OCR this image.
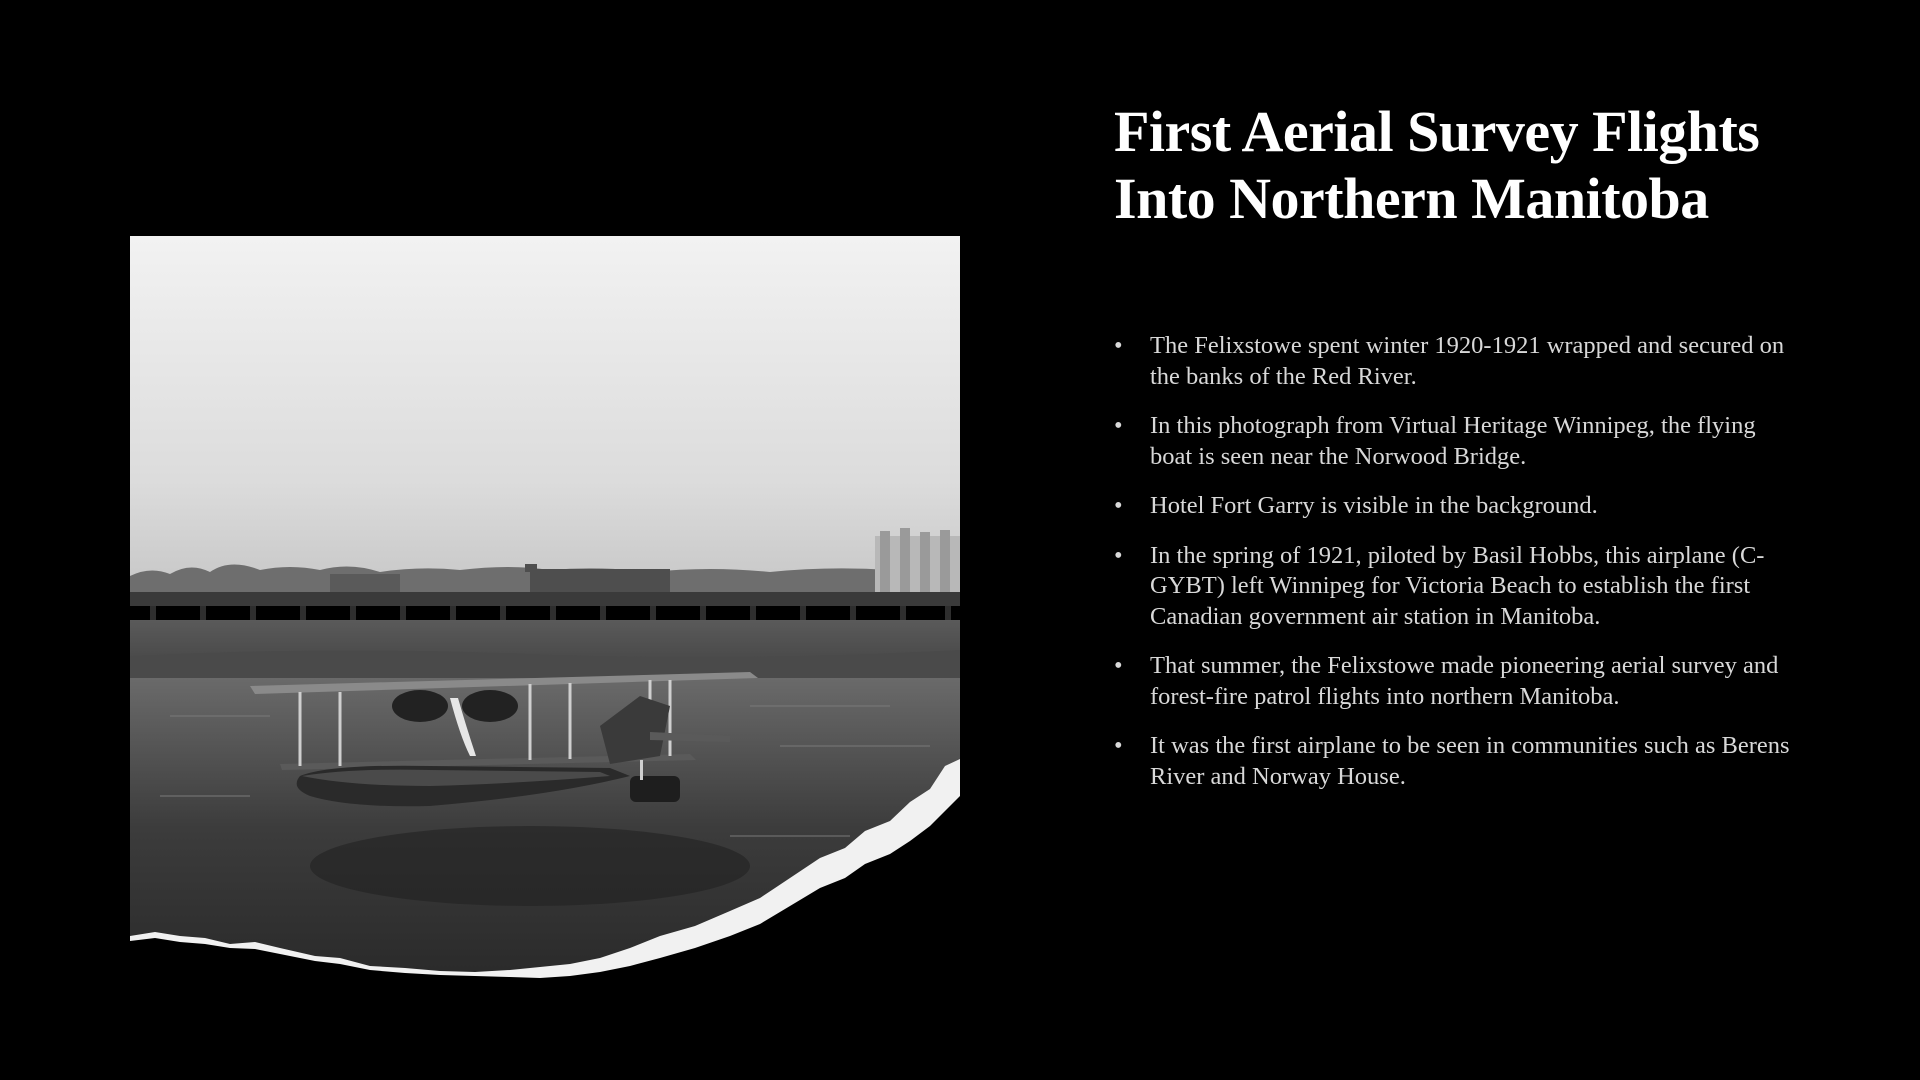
First Aerial Survey Flights
Into Northern Manitoba
• The Felixstowe spent winter 1920-1921 wrapped and secured on the banks of the Red River.
• In this photograph from Virtual Heritage Winnipeg, the flying boat is seen near the Norwood Bridge.
• Hotel Fort Garry is visible in the background.
• In the spring of 1921, piloted by Basil Hobbs, this airplane (C-GYBT) left Winnipeg for Victoria Beach to establish the first Canadian government air station in Manitoba.
• That summer, the Felixstowe made pioneering aerial survey and forest-fire patrol flights into northern Manitoba.
• It was the first airplane to be seen in communities such as Berens River and Norway House.
